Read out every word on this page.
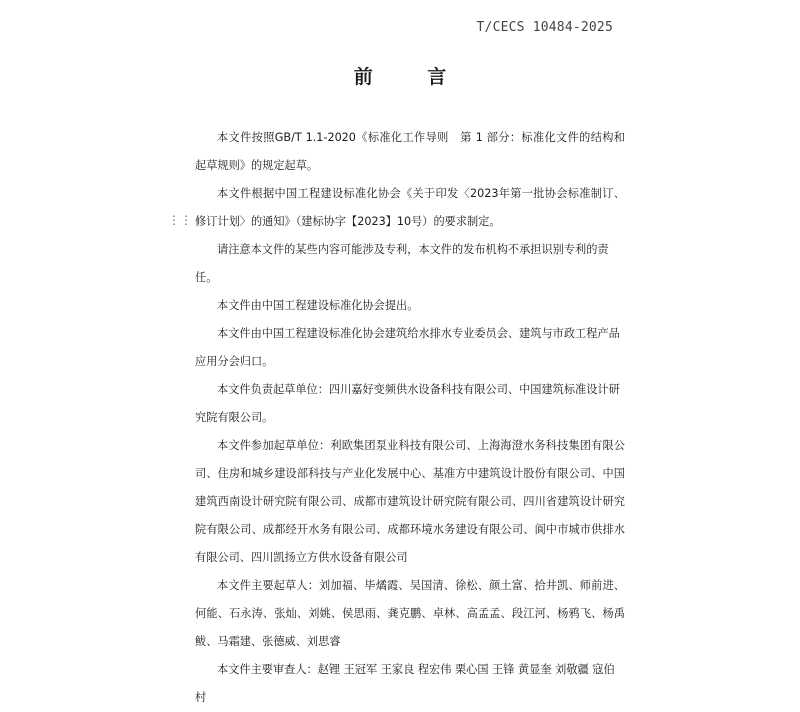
T/CECS 10484-2025
前 言
⋮⋮

本文件按照GB/T 1.1-2020《标准化工作导则　第 1 部分：标准化文件的结构和起草规则》的规定起草。

本文件根据中国工程建设标准化协会《关于印发〈2023年第一批协会标准制订、修订计划〉的通知》（建标协字【2023】10号）的要求制定。

请注意本文件的某些内容可能涉及专利，本文件的发布机构不承担识别专利的责任。

本文件由中国工程建设标准化协会提出。

本文件由中国工程建设标准化协会建筑给水排水专业委员会、建筑与市政工程产品应用分会归口。

本文件负责起草单位：四川嘉好变频供水设备科技有限公司、中国建筑标准设计研究院有限公司。

本文件参加起草单位：利欧集团泵业科技有限公司、上海海澄水务科技集团有限公司、住房和城乡建设部科技与产业化发展中心、基准方中建筑设计股份有限公司、中国建筑西南设计研究院有限公司、成都市建筑设计研究院有限公司、四川省建筑设计研究院有限公司、成都经开水务有限公司、成都环境水务建设有限公司、阆中市城市供排水有限公司、四川凯扬立方供水设备有限公司

本文件主要起草人：刘加福、毕燏霞、吴国清、徐松、颜土富、拾井凯、师前进、何能、石永涛、张灿、刘姚、侯思雨、龚克鹏、卓林、高孟孟、段江河、杨鸦飞、杨禹鲅、马霜建、张德威、刘思睿

本文件主要审查人：赵锂 王冠军 王家良 程宏伟 栗心国 王锋 黄显奎 刘敬疆 寇伯村
